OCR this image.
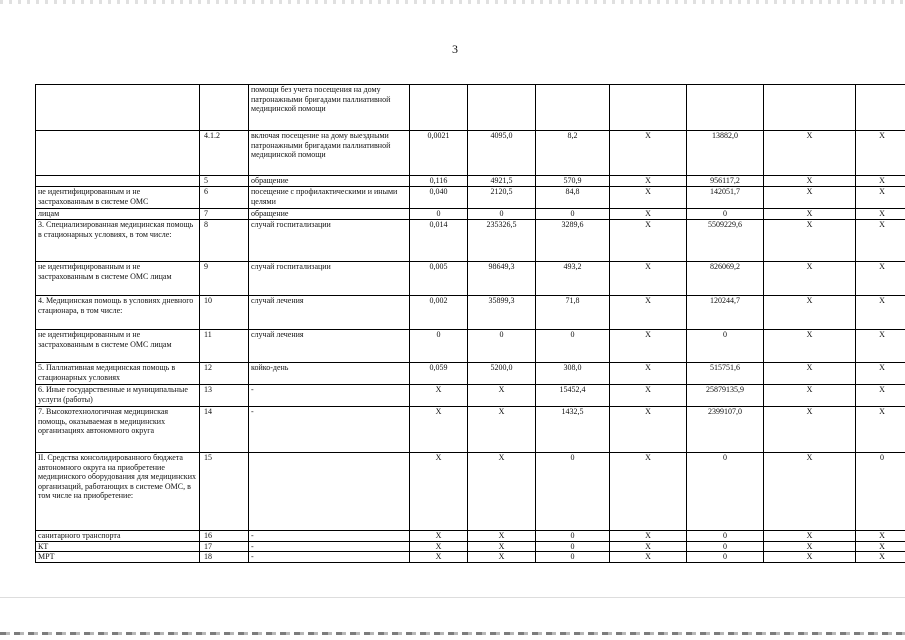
3
		помощи без учета посещения на дому патронажными бригадами паллиативной медицинской помощи							
	4.1.2	включая посещение на дому выездными патронажными бригадами паллиативной медицинской помощи	0,0021	4095,0	8,2	X	13882,0	X	X
	5	обращение	0,116	4921,5	570,9	X	956117,2	X	X
не идентифицированным и не застрахованным в системе ОМС	6	посещение с профилактическими и иными целями	0,040	2120,5	84,8	X	142051,7	X	X
лицам	7	обращение	0	0	0	X	0	X	X
3. Специализированная медицинская помощь в стационарных условиях, в том числе:	8	случай госпитализации	0,014	235326,5	3289,6	X	5509229,6	X	X
не идентифицированным и не застрахованным в системе ОМС лицам	9	случай госпитализации	0,005	98649,3	493,2	X	826069,2	X	X
4. Медицинская помощь в условиях дневного стационара, в том числе:	10	случай лечения	0,002	35899,3	71,8	X	120244,7	X	X
не идентифицированным и не застрахованным в системе ОМС лицам	11	случай лечения	0	0	0	X	0	X	X
5. Паллиативная медицинская помощь в стационарных условиях	12	койко-день	0,059	5200,0	308,0	X	515751,6	X	X
6. Иные государственные и муниципальные услуги (работы)	13	-	X	X	15452,4	X	25879135,9	X	X
7. Высокотехнологичная медицинская помощь, оказываемая в медицинских организациях автономного округа	14	-	X	X	1432,5	X	2399107,0	X	X
II. Средства консолидированного бюджета автономного округа на приобретение медицинского оборудования для медицинских организаций, работающих в системе ОМС, в том числе на приобретение:	15		X	X	0	X	0	X	0
санитарного транспорта	16	-	X	X	0	X	0	X	X
КТ	17	-	X	X	0	X	0	X	X
МРТ	18	-	X	X	0	X	0	X	X
